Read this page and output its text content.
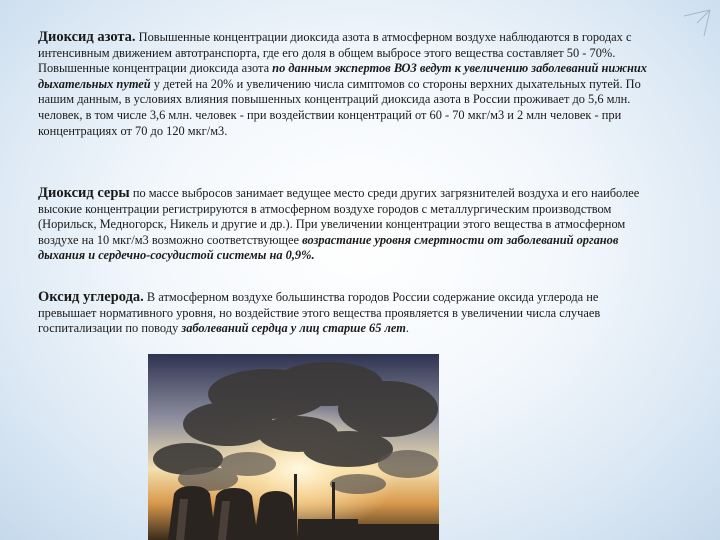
Диоксид азота. Повышенные концентрации диоксида азота в атмосферном воздухе наблюдаются в городах с интенсивным движением автотранспорта, где его доля в общем выбросе этого вещества составляет 50 - 70%. Повышенные концентрации диоксида азота по данным экспертов ВОЗ ведут к увеличению заболеваний нижних дыхательных путей у детей на 20% и увеличению числа симптомов со стороны верхних дыхательных путей. По нашим данным, в условиях влияния повышенных концентраций диоксида азота в России проживает до 5,6 млн. человек, в том числе 3,6 млн. человек - при воздействии концентраций от 60 - 70 мкг/м3 и 2 млн человек - при концентрациях от 70 до 120 мкг/м3.
Диоксид серы по массе выбросов занимает ведущее место среди других загрязнителей воздуха и его наиболее высокие концентрации регистрируются в атмосферном воздухе городов с металлургическим производством (Норильск, Медногорск, Никель и другие и др.). При увеличении концентрации этого вещества в атмосферном воздухе на 10 мкг/м3 возможно соответствующее возрастание уровня смертности от заболеваний органов дыхания и сердечно-сосудистой системы на 0,9%.
Оксид углерода. В атмосферном воздухе большинства городов России содержание оксида углерода не превышает нормативного уровня, но воздействие этого вещества проявляется в увеличении числа случаев госпитализации по поводу заболеваний сердца у лиц старше 65 лет.
